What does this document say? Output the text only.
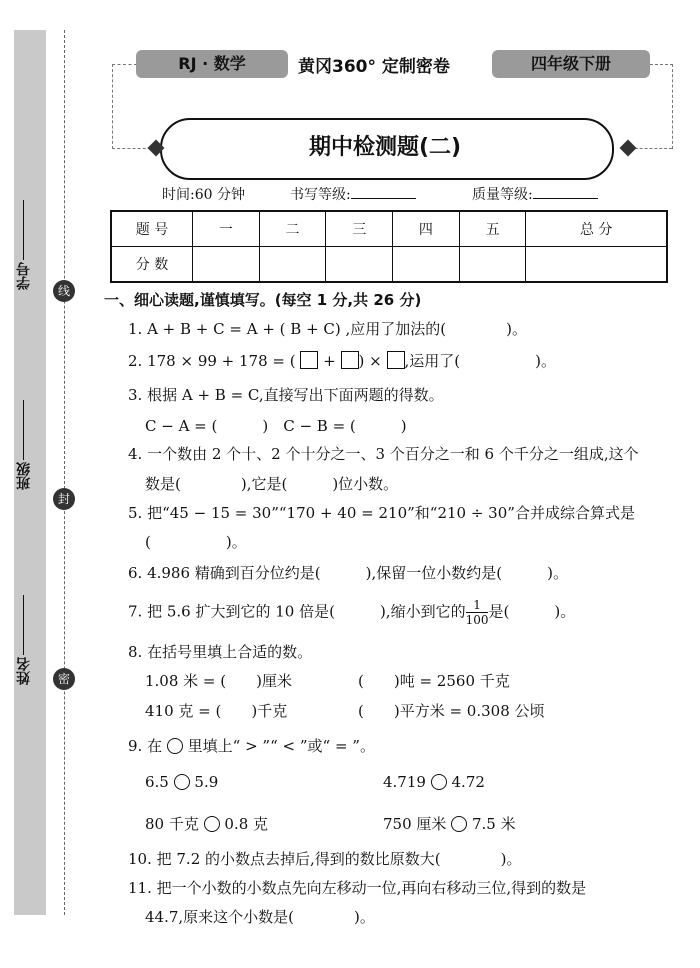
学号
班级
姓名
线
封
密
RJ · 数学	黄冈360° 定制密卷	四年级下册
期中检测题(二)
时间:60 分钟	书写等级:	质量等级:
题 号	一	二	三	四	五	总 分
分 数						
一、细心读题,谨慎填写。(每空 1 分,共 26 分)
1. A + B + C = A + ( B + C) ,应用了加法的(　　　　)。
2. 178 × 99 + 178 = ( + ) × ,运用了(　　　　　)。
3. 根据 A + B = C,直接写出下面两题的得数。
C − A = (　　　)　C − B = (　　　)
4. 一个数由 2 个十、2 个十分之一、3 个百分之一和 6 个千分之一组成,这个
数是(　　　　),它是(　　　)位小数。
5. 把“45 − 15 = 30”“170 + 40 = 210”和“210 ÷ 30”合并成综合算式是
(　　　　　)。
6. 4.986 精确到百分位约是(　　　),保留一位小数约是(　　　)。
7. 把 5.6 扩大到它的 10 倍是(　　　),缩小到它的 $\frac{1}{100}$ 是(　　　)。
8. 在括号里填上合适的数。
1.08 米 = (　　)厘米	(　　)吨 = 2560 千克
410 克 = (　　)千克	(　　)平方米 = 0.308 公顷
9. 在 里填上“ > ”“ < ”或“ = ”。
6.5 5.9	4.719 4.72
80 千克 0.8 克	750 厘米 7.5 米
10. 把 7.2 的小数点去掉后,得到的数比原数大(　　　　)。
11. 把一个小数的小数点先向左移动一位,再向右移动三位,得到的数是
44.7,原来这个小数是(　　　　)。
